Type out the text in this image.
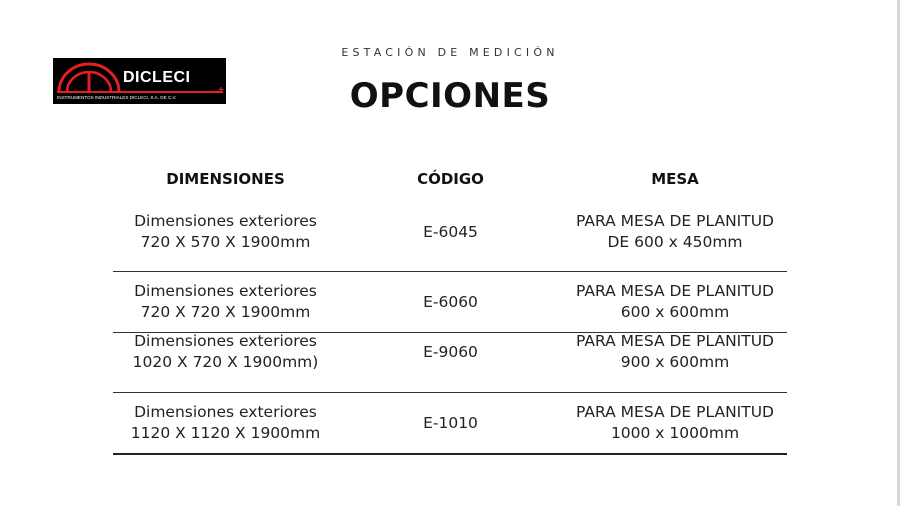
DICLECI
+
INSTRUMENTOS INDUSTRIALES DICLECI, S.A. DE C.V.
ESTACIÓN DE MEDICIÓN
OPCIONES
DIMENSIONES	CÓDIGO	MESA
Dimensiones exteriores
720 X 570 X 1900mm
E-6045
PARA MESA DE PLANITUD
DE 600 x 450mm
Dimensiones exteriores
720 X 720 X 1900mm
E-6060
PARA MESA DE PLANITUD
600 x 600mm
Dimensiones exteriores
1020 X 720 X 1900mm)
E-9060
PARA MESA DE PLANITUD
900 x 600mm
Dimensiones exteriores
1120 X 1120 X 1900mm
E-1010
PARA MESA DE PLANITUD
1000 x 1000mm
